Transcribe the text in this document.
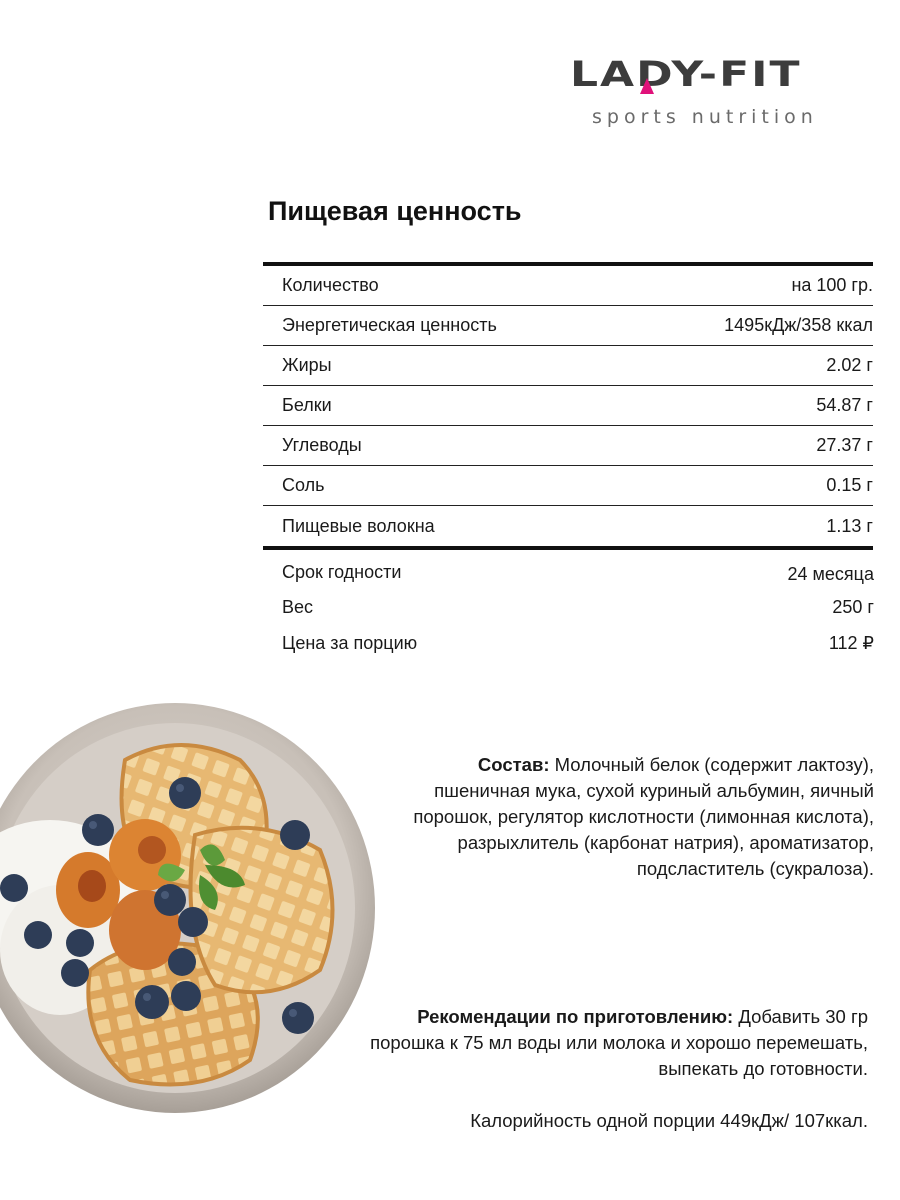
LADY-FIT
sports nutrition
Пищевая ценность
Количество	на 100 гр.
Энергетическая ценность	1495кДж/358 ккал
Жиры	2.02 г
Белки	54.87 г
Углеводы	27.37 г
Соль	0.15 г
Пищевые волокна	1.13 г
Срок годности	24 месяца
Вес	250 г
Цена за порцию	112 ₽
Состав: Молочный белок (содержит лактозу), пшеничная мука, сухой куриный альбумин, яичный порошок, регулятор кислотности (лимонная кислота), разрыхлитель (карбонат натрия), ароматизатор, подсластитель (сукралоза).
Рекомендации по приготовлению: Добавить 30 гр порошка к 75 мл воды или молока и хорошо перемешать, выпекать до готовности.
Калорийность одной порции 449кДж/ 107ккал.
